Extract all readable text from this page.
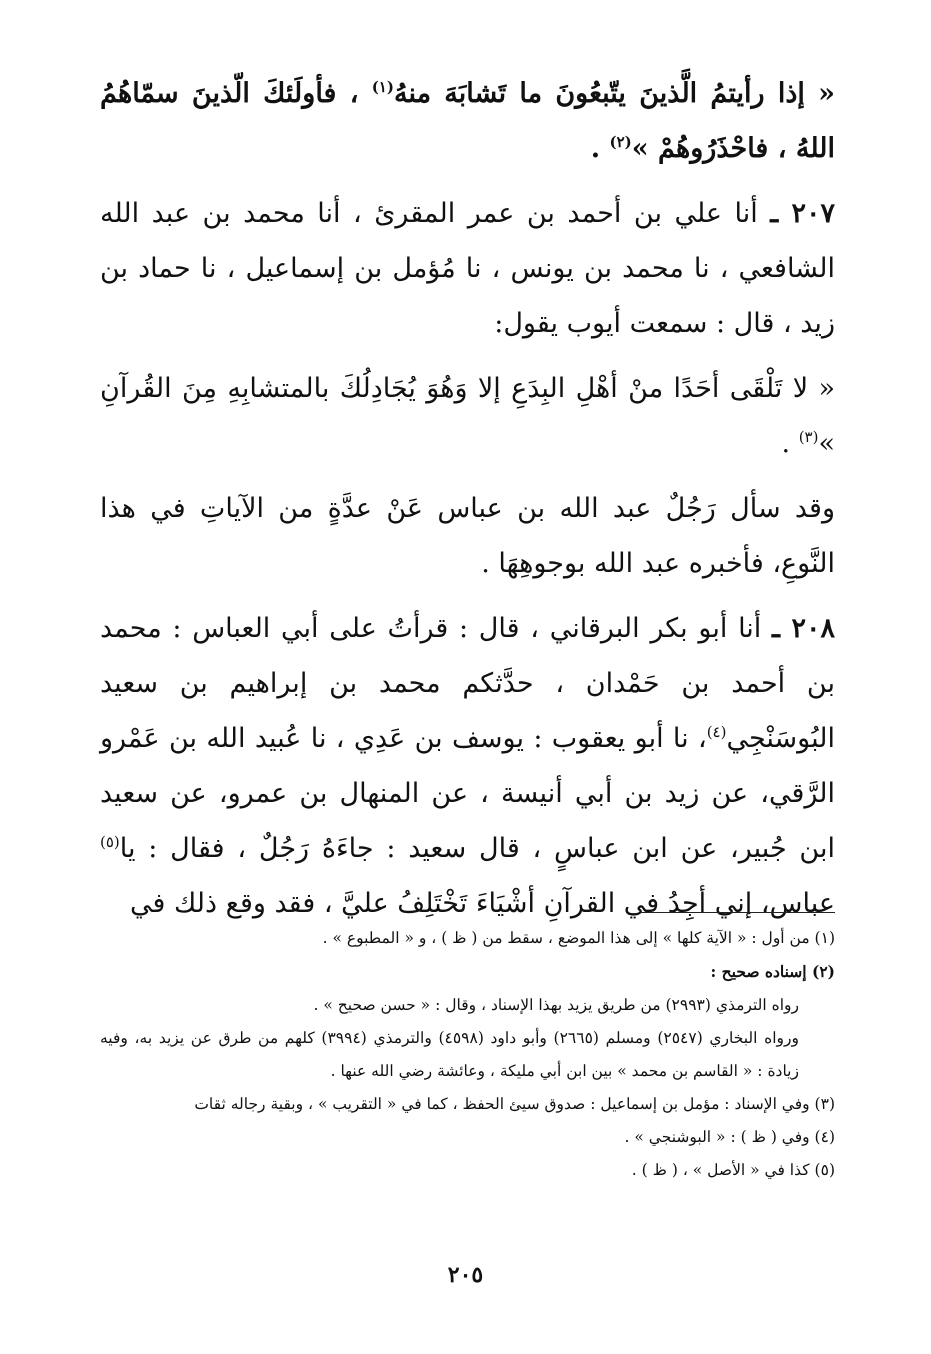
« إذا رأيتمُ الَّذينَ يتّبعُونَ ما تَشابَهَ منهُ$^{(١)}$ ، فأولَئكَ الّذينَ سمّاهُمُ اللهُ ، فاحْذَرُوهُمْ »$^{(٢)}$ .

٢٠٧ ـ أنا علي بن أحمد بن عمر المقرئ ، أنا محمد بن عبد الله الشافعي ، نا محمد بن يونس ، نا مُؤمل بن إسماعيل ، نا حماد بن زيد ، قال : سمعت أيوب يقول:

« لا تَلْقَى أحَدًا منْ أهْلِ البِدَعِ إلا وَهُوَ يُجَادِلُكَ بالمتشابِهِ مِنَ القُرآنِ »$^{(٣)}$ .

وقد سأل رَجُلٌ عبد الله بن عباس عَنْ عدَّةٍ من الآياتِ في هذا النَّوعِ، فأخبره عبد الله بوجوهِهَا .

٢٠٨ ـ أنا أبو بكر البرقاني ، قال : قرأتُ على أبي العباس : محمد بن أحمد بن حَمْدان ، حدَّثكم محمد بن إبراهيم بن سعيد البُوسَنْجِي$^{(٤)}$، نا أبو يعقوب : يوسف بن عَدِي ، نا عُبيد الله بن عَمْرو الرَّقي، عن زيد بن أبي أنيسة ، عن المنهال بن عمرو، عن سعيد ابن جُبير، عن ابن عباسٍ ، قال سعيد : جاءَهُ رَجُلٌ ، فقال : يا$^{(٥)}$ عباس، إني أجِدُ في القرآنِ أشْيَاءَ تَخْتَلِفُ عليَّ ، فقد وقع ذلك في

(١) من أول : « الآية كلها » إلى هذا الموضع ، سقط من ( ظ ) ، و « المطبوع » .

(٢) إسناده صحيح :

رواه الترمذي (٢٩٩٣) من طريق يزيد بهذا الإسناد ، وقال : « حسن صحيح » .

ورواه البخاري (٢٥٤٧) ومسلم (٢٦٦٥) وأبو داود (٤٥٩٨) والترمذي (٣٩٩٤) كلهم من طرق عن يزيد به، وفيه زيادة : « القاسم بن محمد » بين ابن أبي مليكة ، وعائشة رضي الله عنها .

(٣) وفي الإسناد : مؤمل بن إسماعيل : صدوق سيئ الحفظ ، كما في « التقريب » ، وبقية رجاله ثقات

(٤) وفي ( ظ ) : « البوشنجي » .

(٥) كذا في « الأصل » ، ( ظ ) .

٢٠٥
